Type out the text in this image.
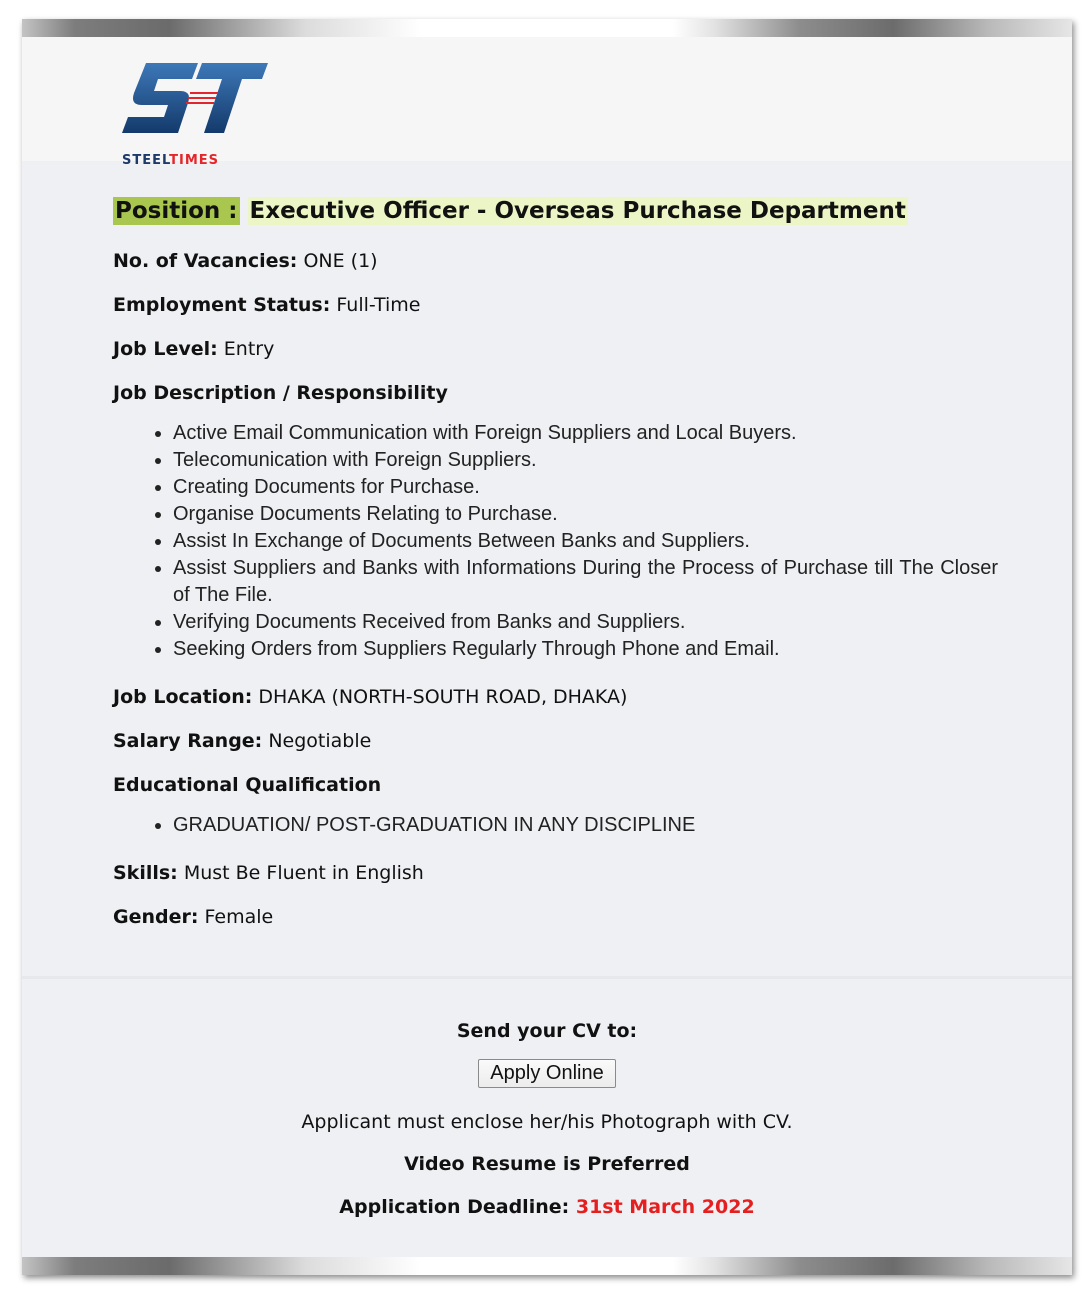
STEELTIMES
Position : Executive Officer - Overseas Purchase Department
No. of Vacancies: ONE (1)
Employment Status: Full-Time
Job Level: Entry
Job Description / Responsibility
• Active Email Communication with Foreign Suppliers and Local Buyers.
• Telecomunication with Foreign Suppliers.
• Creating Documents for Purchase.
• Organise Documents Relating to Purchase.
• Assist In Exchange of Documents Between Banks and Suppliers.
• Assist Suppliers and Banks with Informations During the Process of Purchase till The Closer of The File.
• Verifying Documents Received from Banks and Suppliers.
• Seeking Orders from Suppliers Regularly Through Phone and Email.
Job Location: DHAKA (NORTH-SOUTH ROAD, DHAKA)
Salary Range: Negotiable
Educational Qualification
• GRADUATION/ POST-GRADUATION IN ANY DISCIPLINE
Skills: Must Be Fluent in English
Gender: Female
Send your CV to:
Apply Online
Applicant must enclose her/his Photograph with CV.
Video Resume is Preferred
Application Deadline: 31st March 2022
